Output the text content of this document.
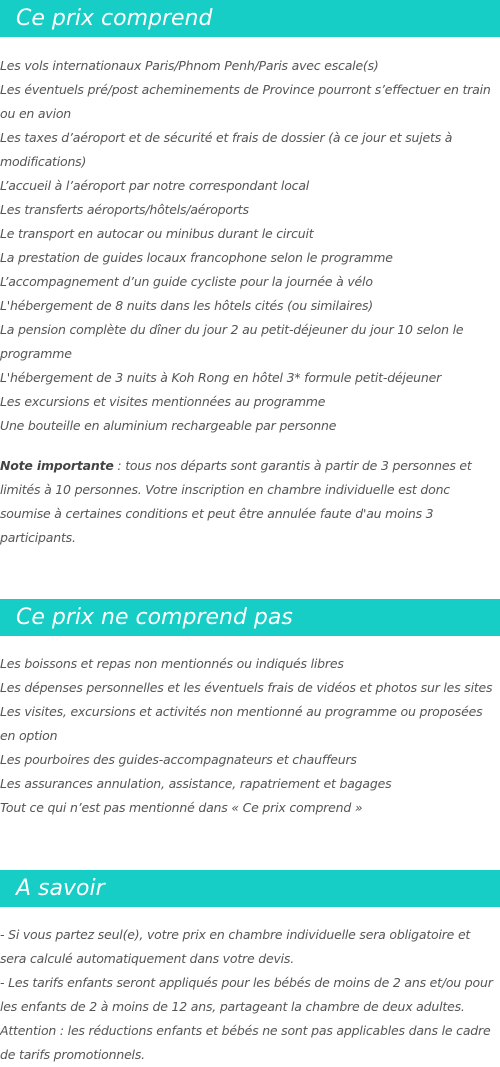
Ce prix comprend
Les vols internationaux Paris/Phnom Penh/Paris avec escale(s)
Les éventuels pré/post acheminements de Province pourront s’effectuer en train ou en avion
Les taxes d’aéroport et de sécurité et frais de dossier (à ce jour et sujets à modifications)
L’accueil à l’aéroport par notre correspondant local
Les transferts aéroports/hôtels/aéroports
Le transport en autocar ou minibus durant le circuit
La prestation de guides locaux francophone selon le programme
L’accompagnement d’un guide cycliste pour la journée à vélo
L'hébergement de 8 nuits dans les hôtels cités (ou similaires)
La pension complète du dîner du jour 2 au petit-déjeuner du jour 10 selon le programme
L'hébergement de 3 nuits à Koh Rong en hôtel 3* formule petit-déjeuner
Les excursions et visites mentionnées au programme
Une bouteille en aluminium rechargeable par personne
Note importante : tous nos départs sont garantis à partir de 3 personnes et limités à 10 personnes. Votre inscription en chambre individuelle est donc soumise à certaines conditions et peut être annulée faute d'au moins 3 participants.
Ce prix ne comprend pas
Les boissons et repas non mentionnés ou indiqués libres
Les dépenses personnelles et les éventuels frais de vidéos et photos sur les sites
Les visites, excursions et activités non mentionné au programme ou proposées en option
Les pourboires des guides-accompagnateurs et chauffeurs
Les assurances annulation, assistance, rapatriement et bagages
Tout ce qui n’est pas mentionné dans « Ce prix comprend »
A savoir
- Si vous partez seul(e), votre prix en chambre individuelle sera obligatoire et sera calculé automatiquement dans votre devis.
- Les tarifs enfants seront appliqués pour les bébés de moins de 2 ans et/ou pour les enfants de 2 à moins de 12 ans, partageant la chambre de deux adultes.
Attention : les réductions enfants et bébés ne sont pas applicables dans le cadre de tarifs promotionnels.
